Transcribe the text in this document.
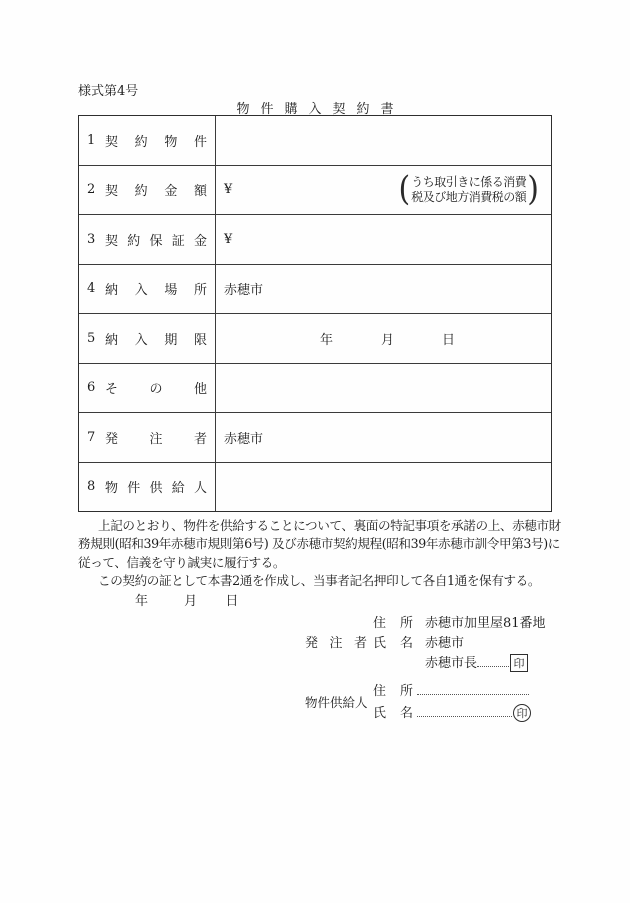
様式第4号
物件購入契約書
1 契 約 物 件
2 契 約 金 額 ¥	( うち取引きに係る消費
税及び地方消費税の額 )
3 契 約 保 証 金 ¥
4 納 入 場 所 赤穂市
5 納 入 期 限	年	月	日
6 そ の 他
7 発 注 者 赤穂市
8 物 件 供 給 人
上記のとおり、物件を供給することについて、裏面の特記事項を承諾の上、赤穂市財
務規則(昭和39年赤穂市規則第6号) 及び赤穂市契約規程(昭和39年赤穂市訓令甲第3号)に
従って、信義を守り誠実に履行する。
この契約の証として本書2通を作成し、当事者記名押印して各自1通を保有する。
年	月 日
住 所 赤穂市加里屋81番地
発 注 者 氏 名 赤穂市
赤穂市長	印
物件供給人
住 所
氏 名	印
